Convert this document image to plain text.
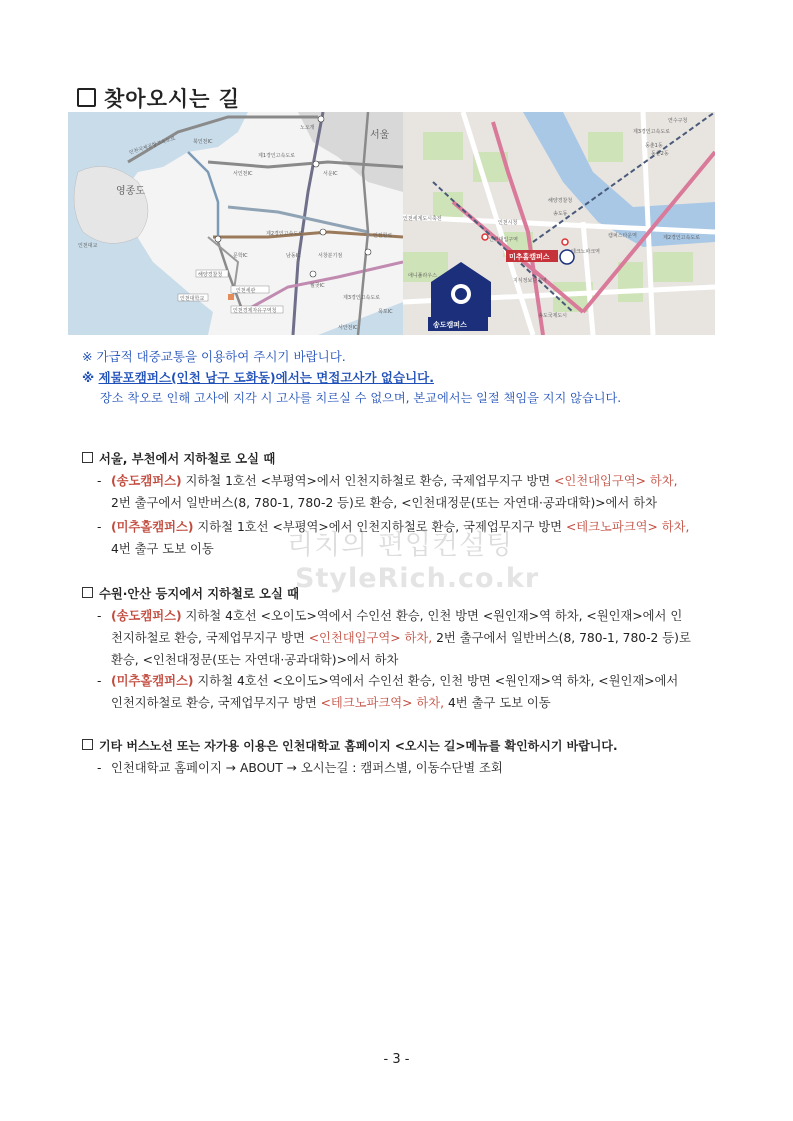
찾아오시는 길
영종도
서울
인천대교
노오개
북인천IC
제1경인고속도로
서인천IC	서운IC
제2경인고속도로	인천항로
문학IC	남동IC	서창분기점
해양경찰청
인천대학교
인천세관
인천경제자유구역청
월곶IC
제3경인고속도로
서안천IC
목포IC
인천국제공항고속도로
송도캠퍼스
미추홀캠퍼스
인천대입구역
테크노파크역
인천시청
인천세계도시축전
해양경찰청
송도동
동춘1동
동춘2동
연수구청
캠퍼스타운역
송도국제도시
제2경인고속도로
제3경인고속도로
지식정보단지역
애니풀라우스
※ 가급적 대중교통을 이용하여 주시기 바랍니다.
※ 제물포캠퍼스(인천 남구 도화동)에서는 면접고사가 없습니다.
장소 착오로 인해 고사에 지각 시 고사를 치르실 수 없으며, 본교에서는 일절 책임을 지지 않습니다.
리치의 편입컨설팅
StyleRich.co.kr
서울, 부천에서 지하철로 오실 때
- (송도캠퍼스) 지하철 1호선 <부평역>에서 인천지하철로 환승, 국제업무지구 방면 <인천대입구역> 하차,
2번 출구에서 일반버스(8, 780-1, 780-2 등)로 환승, <인천대정문(또는 자연대·공과대학)>에서 하차
- (미추홀캠퍼스) 지하철 1호선 <부평역>에서 인천지하철로 환승, 국제업무지구 방면 <테크노파크역> 하차,
4번 출구 도보 이동
수원·안산 등지에서 지하철로 오실 때
- (송도캠퍼스) 지하철 4호선 <오이도>역에서 수인선 환승, 인천 방면 <원인재>역 하차, <원인재>에서 인
천지하철로 환승, 국제업무지구 방면 <인천대입구역> 하차, 2번 출구에서 일반버스(8, 780-1, 780-2 등)로
환승, <인천대정문(또는 자연대·공과대학)>에서 하차
- (미추홀캠퍼스) 지하철 4호선 <오이도>역에서 수인선 환승, 인천 방면 <원인재>역 하차, <원인재>에서
인천지하철로 환승, 국제업무지구 방면 <테크노파크역> 하차, 4번 출구 도보 이동
기타 버스노선 또는 자가용 이용은 인천대학교 홈페이지 <오시는 길>메뉴를 확인하시기 바랍니다.
- 인천대학교 홈페이지 → ABOUT → 오시는길 : 캠퍼스별, 이동수단별 조회
- 3 -
